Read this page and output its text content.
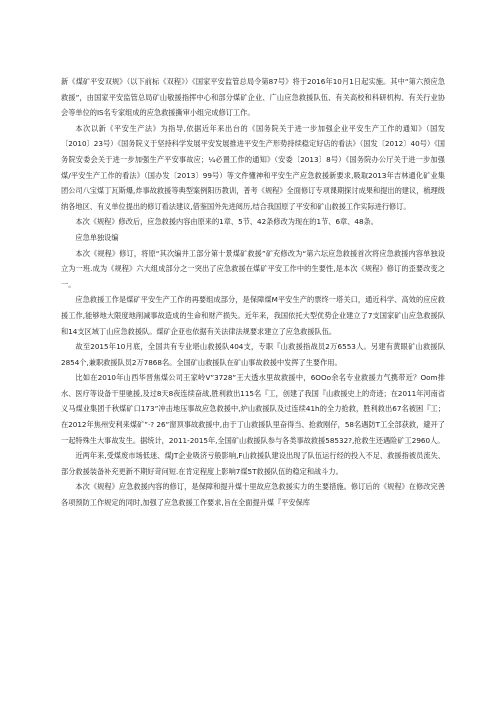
新《煤矿平安双规》（以下前标《双程》）《国家平安监管总局令第87号》将于2016年10月1日起实施。其中“第六预应急救援”，由国家平安监管总局矿山敬援指挥中心和部分煤矿企业、广山应急救援队伍、有关高校和科研机构、有关行业协会等单位的IS名专家组成的应急救援撕审小组完成修订工作。

本次以新《平安生产法》为指导,依据近年来出台的《国务院关于进一步加强企业平安生产工作的通知》（国发〔2010〕23号）《国务院义于坚持科学发展平安发展推进平安生产形势持续稳定好店的看法》（国发〔2012〕40号）《国务院安委会关于进一步加强生产平安事故应；¼必置工作的通知》（安委〔2013〕8号）《国务院办公厅关于进一步加强煤/平安生产工作的看法》（国办发〔2013〕99号）等文件懂神和平安生产应急救援新要求,吸取2013年吉林通化矿业集团公司八宝煤丁瓦斯爆,炸事故救援等典型案例阳历教训，普考《规程》全面修订专项课期探讨成果和提出的建议，梳理级纳各地区、有义单位提出的修订看法建议,借鉴国外先进阅历,结合我国原了平安和矿山救援工作实际进行修订。

本次《规程》修改后，应急救援内容由原来的1章、5节、42条修改为现在的1节、6章、48条。

应急单独设编

本次《规程》修订，将原“其次编井工部分第十景煤矿救援”矿充修改为“第六坛应急救援首次将应急救援内容单独设立为一班.成为《规程》六大组成部分之一突出了应急救援在煤矿平安工作中的生要性,是本次《规程》修订的歪要改变之一。

应急救援工作是煤矿平安生产工作的再要组成部分，是保障煤M平安生产的票终一塔关口，通近科学、高效的应应救援工作,能够地大限度地削减事故造成的生命和财产损失。近年来，我国依托大型优势企业建立了7支国家矿山应急救援队和14支区域丁山应急救援队。煤矿企亚也依据有关法律法规要求建立了应急救援队伍。

故至2015年10月底，全国共有专业堪山救援队404支，专职『山救援指战员2万6553人。另建有黄眼矿山救援队2854个,兼职救援队员2万7868名。全国矿山救援队在矿山事故救援中发挥了生要作用。

比如在2010年山西华晋焦煤公司王家岭V”3728”王大透水里故救援中，6OOo余名专业救援力气携带近？Oom排水、医疗等设备干里驰援,及过8天8夜连续奋战,胜利救出115名『工，创建了我国『山救援史上的奇迹；在2011年河南省义马煤业集团千秋煤矿口173”冲击地压事故应急救援中,炉山救援队及过连续41h的全力抢救，胜利救出67名被困『工；在2012年焦州安利来煤矿”·? 26”窗顶事故救援中,由于丁山救援队里奋得当、抢救刚仔，58名遇防T工全部获救，避开了一起特殊生大事故发生。据统计，2011-2015年,全国矿山救援队参与各类事故救援58532?,抢救生还遇险矿工2960人。

近两年来,受煤废市场低迷、煤JT企业吸济亏般影响,F山救援队建设出现了队伍运行经的投入不足、救援指被员流失、部分救援装备补充更新不期好苛问短.在肯定程度上影响7煤5T救援队伍的稳定和战斗力。

本次《规程》应急救援内容的修订，是保障和提升煤十里故应急救援实力的生要措施。修订后的《规程》在修改完善各项预防工作规定的同时,加强了应急救援工作要求,旨在全面提升煤『平安保库
